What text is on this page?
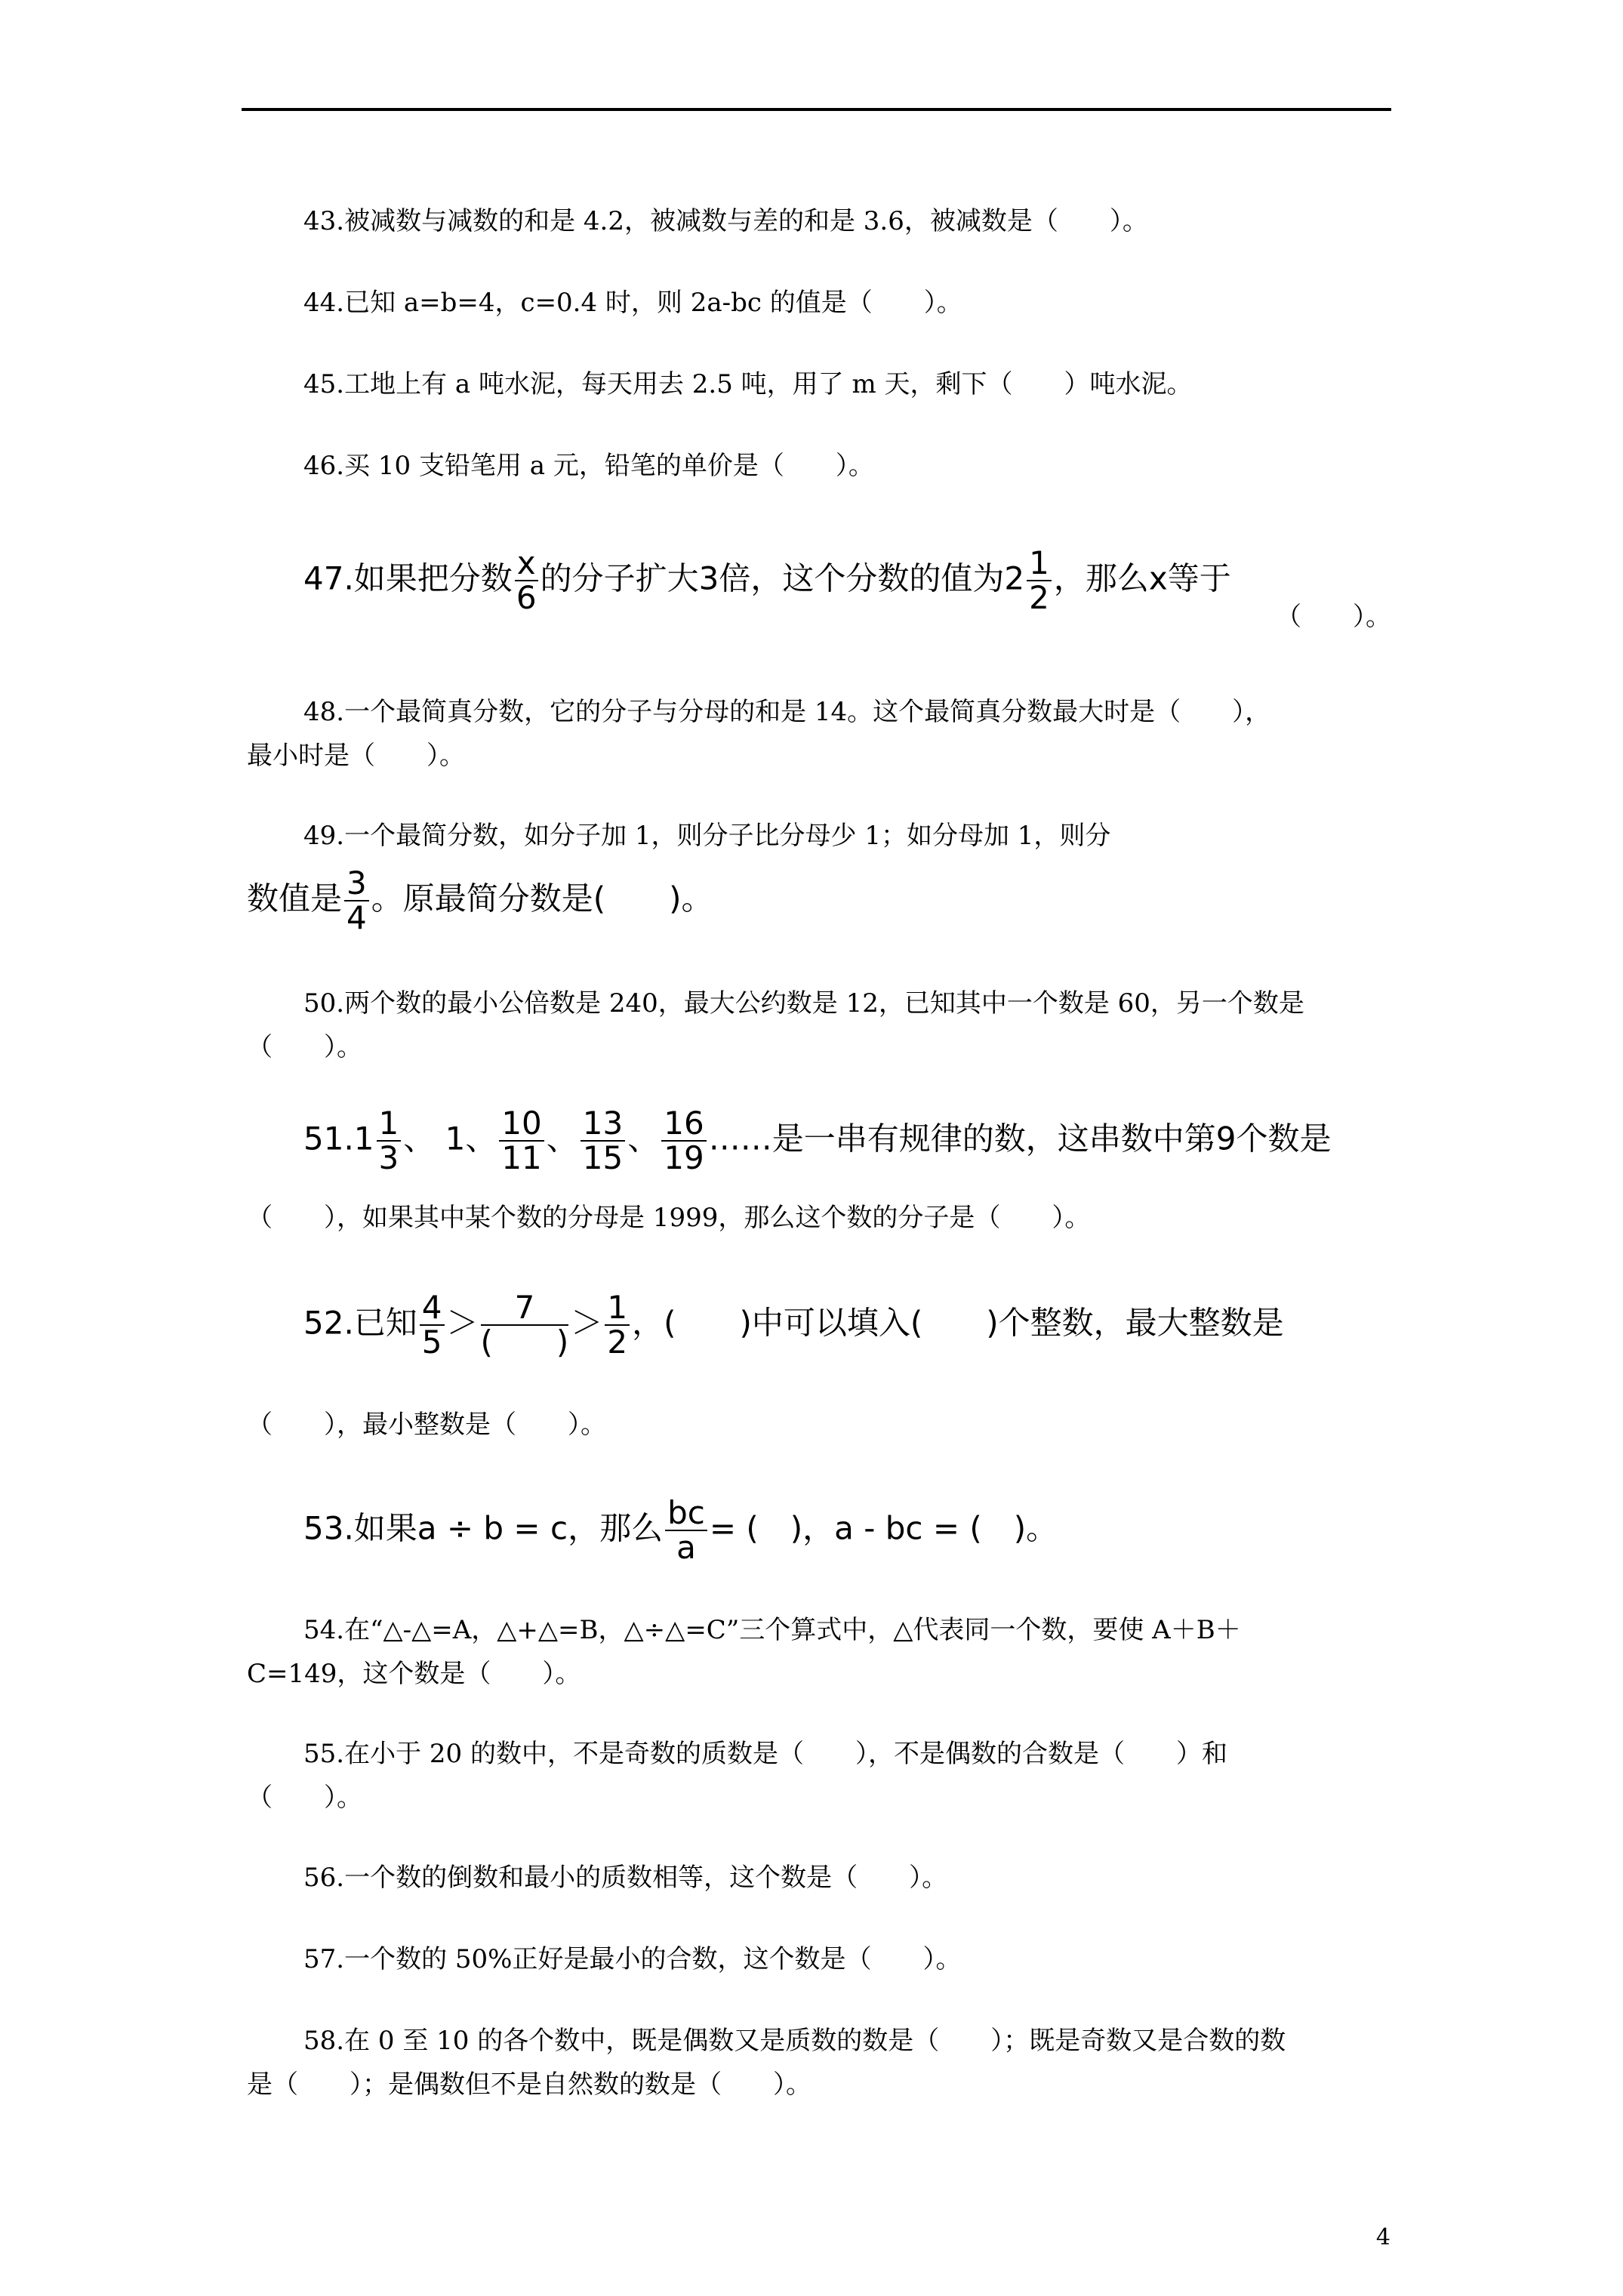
43.被减数与减数的和是 4.2，被减数与差的和是 3.6，被减数是（　　）。
44.已知 a=b=4，c=0.4 时，则 2a-bc 的值是（　　）。
45.工地上有 a 吨水泥，每天用去 2.5 吨，用了 m 天，剩下（　　）吨水泥。
46.买 10 支铅笔用 a 元，铅笔的单价是（　　）。
47.如果把分数 $\frac{x}{6}$ 的分子扩大3倍，这个分数的值为$2 \frac{1}{2}$ ，那么x等于
（　　）。
48.一个最简真分数，它的分子与分母的和是 14。这个最简真分数最大时是（　　），
最小时是（　　）。
49.一个最简分数，如分子加 1，则分子比分母少 1；如分母加 1，则分
数值是 $\frac{3}{4}$ 。原最简分数是(　　)。
50.两个数的最小公倍数是 240，最大公约数是 12，已知其中一个数是 60，另一个数是
（　　）。
$51.1 \frac{1}{3}$ 、 1、 $\frac{10}{11}$ 、 $\frac{13}{15}$ 、 $\frac{16}{19}$ ……是一串有规律的数，这串数中第9个数是
（　　），如果其中某个数的分母是 1999，那么这个数的分子是（　　）。
52.已知 $\frac{4}{5} > \frac{7}{( )} > \frac{1}{2}$ ，(　　)中可以填入(　　)个整数，最大整数是
（　　），最小整数是（　　）。
53.如果a ÷ b = c，那么 $\frac{bc}{a}$ = (　)，a - bc = (　)。
54.在“△-△=A，△+△=B，△÷△=C”三个算式中，△代表同一个数，要使 A＋B＋
C=149，这个数是（　　）。
55.在小于 20 的数中，不是奇数的质数是（　　），不是偶数的合数是（　　）和
（　　）。
56.一个数的倒数和最小的质数相等，这个数是（　　）。
57.一个数的 50%正好是最小的合数，这个数是（　　）。
58.在 0 至 10 的各个数中，既是偶数又是质数的数是（　　）；既是奇数又是合数的数
是（　　）；是偶数但不是自然数的数是（　　）。
4
